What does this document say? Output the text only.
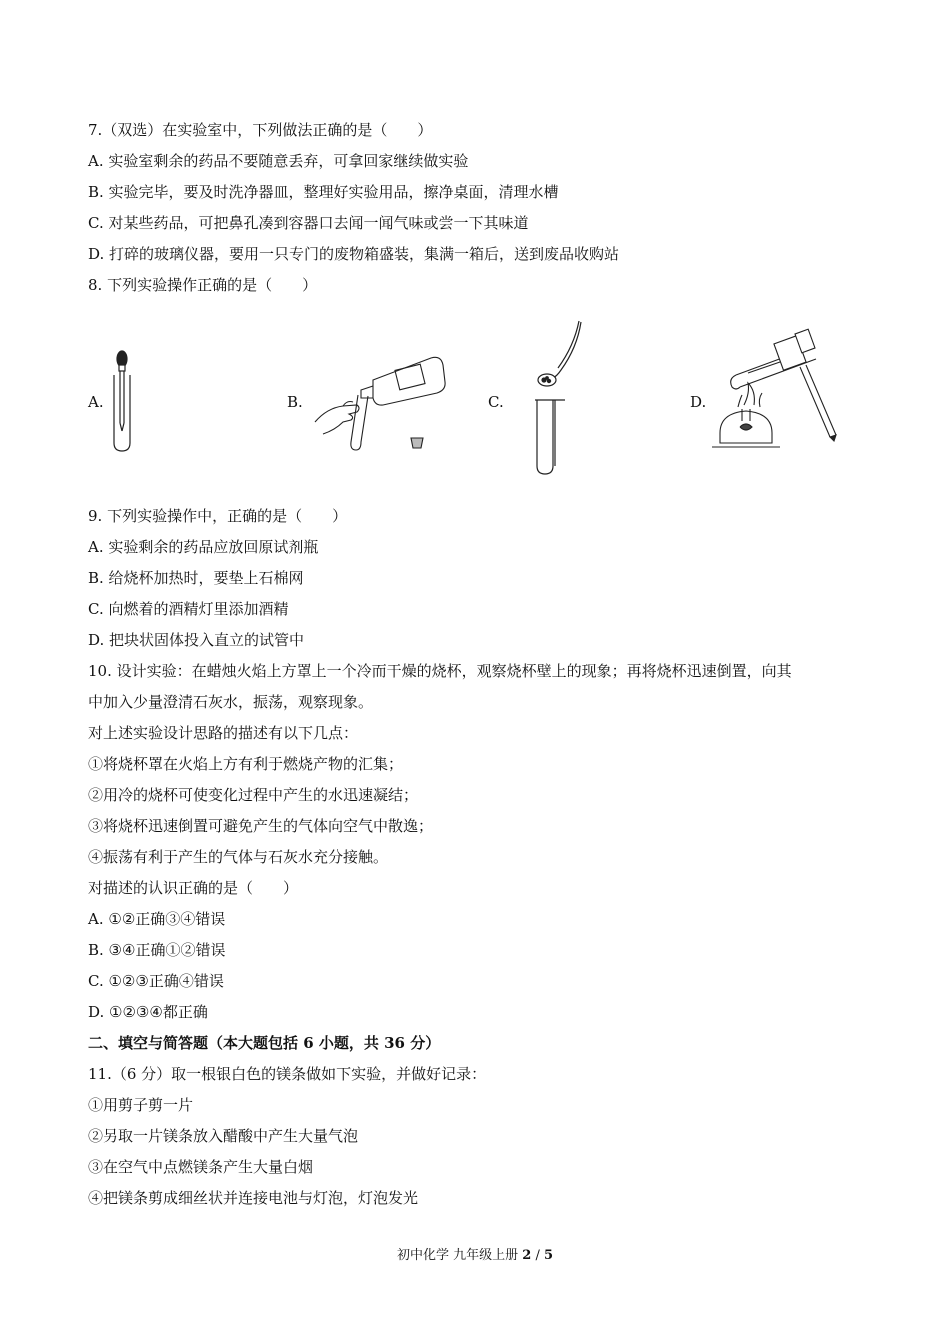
7.（双选）在实验室中，下列做法正确的是（　　）
A. 实验室剩余的药品不要随意丢弃，可拿回家继续做实验
B. 实验完毕，要及时洗净器皿，整理好实验用品，擦净桌面，清理水槽
C. 对某些药品，可把鼻孔凑到容器口去闻一闻气味或尝一下其味道
D. 打碎的玻璃仪器，要用一只专门的废物箱盛装，集满一箱后，送到废品收购站
8. 下列实验操作正确的是（　　）
A.	B.	C.	D.
9. 下列实验操作中，正确的是（　　）
A. 实验剩余的药品应放回原试剂瓶
B. 给烧杯加热时，要垫上石棉网
C. 向燃着的酒精灯里添加酒精
D. 把块状固体投入直立的试管中
10. 设计实验：在蜡烛火焰上方罩上一个冷而干燥的烧杯，观察烧杯壁上的现象；再将烧杯迅速倒置，向其
中加入少量澄清石灰水，振荡，观察现象。
对上述实验设计思路的描述有以下几点：
①将烧杯罩在火焰上方有利于燃烧产物的汇集；
②用冷的烧杯可使变化过程中产生的水迅速凝结；
③将烧杯迅速倒置可避免产生的气体向空气中散逸；
④振荡有利于产生的气体与石灰水充分接触。
对描述的认识正确的是（　　）
A. ①②正确③④错误
B. ③④正确①②错误
C. ①②③正确④错误
D. ①②③④都正确
二、填空与简答题（本大题包括 6 小题，共 36 分）
11.（6 分）取一根银白色的镁条做如下实验，并做好记录：
①用剪子剪一片
②另取一片镁条放入醋酸中产生大量气泡
③在空气中点燃镁条产生大量白烟
④把镁条剪成细丝状并连接电池与灯泡，灯泡发光
初中化学 九年级上册 2 / 5
